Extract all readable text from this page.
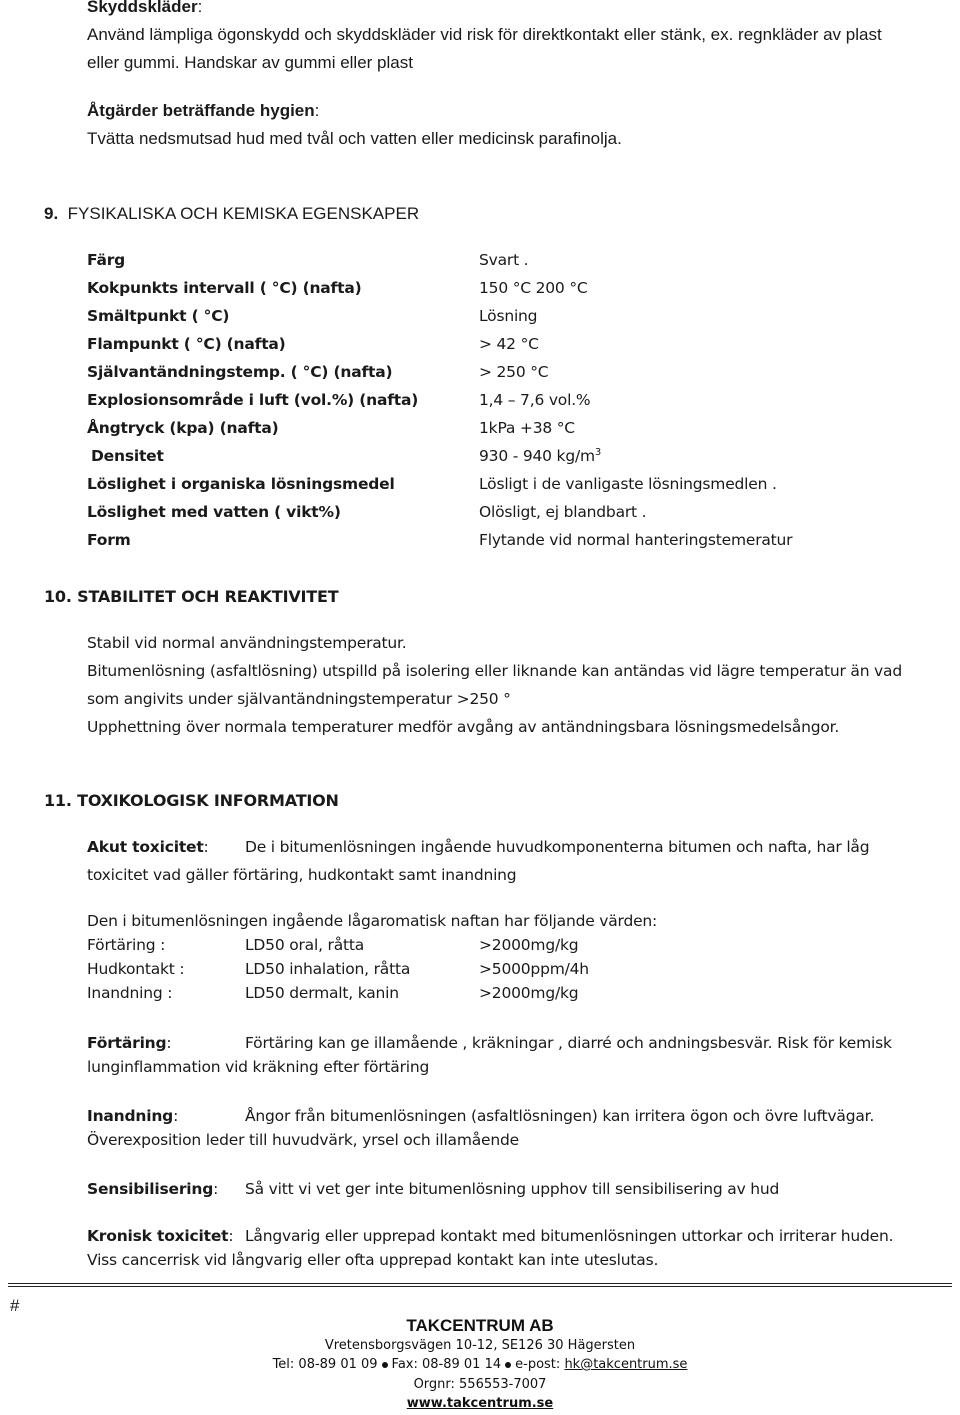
Skyddskläder:
Använd lämpliga ögonskydd och skyddskläder vid risk för direktkontakt eller stänk, ex. regnkläder av plast
eller gummi. Handskar av gummi eller plast
Åtgärder beträffande hygien:
Tvätta nedsmutsad hud med tvål och vatten eller medicinsk parafinolja.
9. FYSIKALISKA OCH KEMISKA EGENSKAPER
Färg	Svart .
Kokpunkts intervall ( °C) (nafta)	150 °C 200 °C
Smältpunkt ( °C)	Lösning
Flampunkt ( °C) (nafta)	> 42 °C
Självantändningstemp. ( °C) (nafta)	> 250 °C
Explosionsområde i luft (vol.%) (nafta)	1,4 – 7,6 vol.%
Ångtryck (kpa) (nafta)	1kPa +38 °C
Densitet	930 - 940 $kg/m^3$
Löslighet i organiska lösningsmedel	Lösligt i de vanligaste lösningsmedlen .
Löslighet med vatten ( vikt%)	Olösligt, ej blandbart .
Form	Flytande vid normal hanteringstemeratur
10. STABILITET OCH REAKTIVITET
Stabil vid normal användningstemperatur.
Bitumenlösning (asfaltlösning) utspilld på isolering eller liknande kan antändas vid lägre temperatur än vad
som angivits under självantändningstemperatur >250 °
Upphettning över normala temperaturer medför avgång av antändningsbara lösningsmedelsångor.
11. TOXIKOLOGISK INFORMATION
Akut toxicitet: De i bitumenlösningen ingående huvudkomponenterna bitumen och nafta, har låg
toxicitet vad gäller förtäring, hudkontakt samt inandning
Den i bitumenlösningen ingående lågaromatisk naftan har följande värden:
Förtäring :	LD50 oral, råtta	>2000mg/kg
Hudkontakt :	LD50 inhalation, råtta	>5000ppm/4h
Inandning :	LD50 dermalt, kanin	>2000mg/kg
Förtäring:	Förtäring kan ge illamående , kräkningar , diarré och andningsbesvär. Risk för kemisk
lunginflammation vid kräkning efter förtäring
Inandning:	Ångor från bitumenlösningen (asfaltlösningen) kan irritera ögon och övre luftvägar.
Överexposition leder till huvudvärk, yrsel och illamående
Sensibilisering: Så vitt vi vet ger inte bitumenlösning upphov till sensibilisering av hud
Kronisk toxicitet: Långvarig eller upprepad kontakt med bitumenlösningen uttorkar och irriterar huden.
Viss cancerrisk vid långvarig eller ofta upprepad kontakt kan inte uteslutas.
#
TAKCENTRUM AB
Vretensborgsvägen 10-12, SE126 30 Hägersten
Tel: 08-89 01 09 Fax: 08-89 01 14 e-post: hk@takcentrum.se
Orgnr: 556553-7007
www.takcentrum.se
